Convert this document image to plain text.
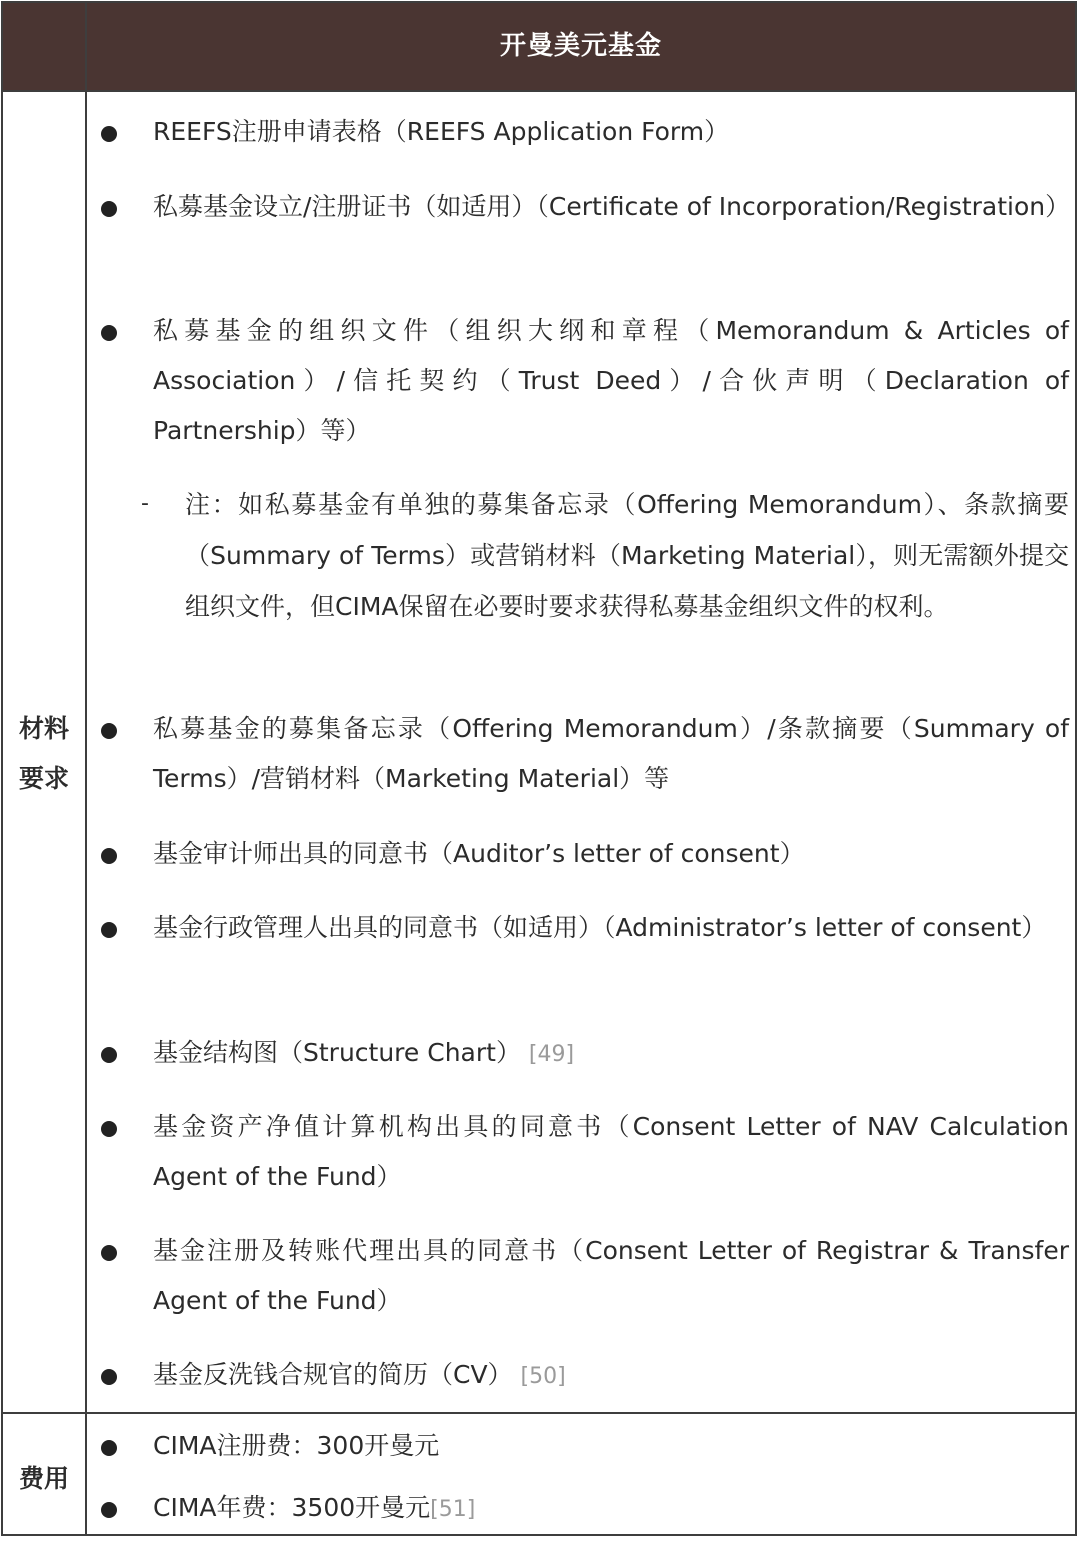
开曼美元基金
材料
要求
REEFS注册申请表格（REEFS Application Form）
私募基金设立/注册证书（如适用）（Certificate of Incorporation/Registration）
私募基金的组织文件（组织大纲和章程（Memorandum & Articles of Association）/信托契约（Trust Deed）/合伙声明（Declaration of Partnership）等）
- 注：如私募基金有单独的募集备忘录（Offering Memorandum）、条款摘要（Summary of Terms）或营销材料（Marketing Material），则无需额外提交组织文件，但CIMA保留在必要时要求获得私募基金组织文件的权利。
私募基金的募集备忘录（Offering Memorandum）/条款摘要（Summary of Terms）/营销材料（Marketing Material）等
基金审计师出具的同意书（Auditor’s letter of consent）
基金行政管理人出具的同意书（如适用）（Administrator’s letter of consent）
基金结构图（Structure Chart） [49]
基金资产净值计算机构出具的同意书（Consent Letter of NAV Calculation Agent of the Fund）
基金注册及转账代理出具的同意书（Consent Letter of Registrar & Transfer Agent of the Fund）
基金反洗钱合规官的简历（CV） [50]
费用
CIMA注册费：300开曼元
CIMA年费：3500开曼元[51]
